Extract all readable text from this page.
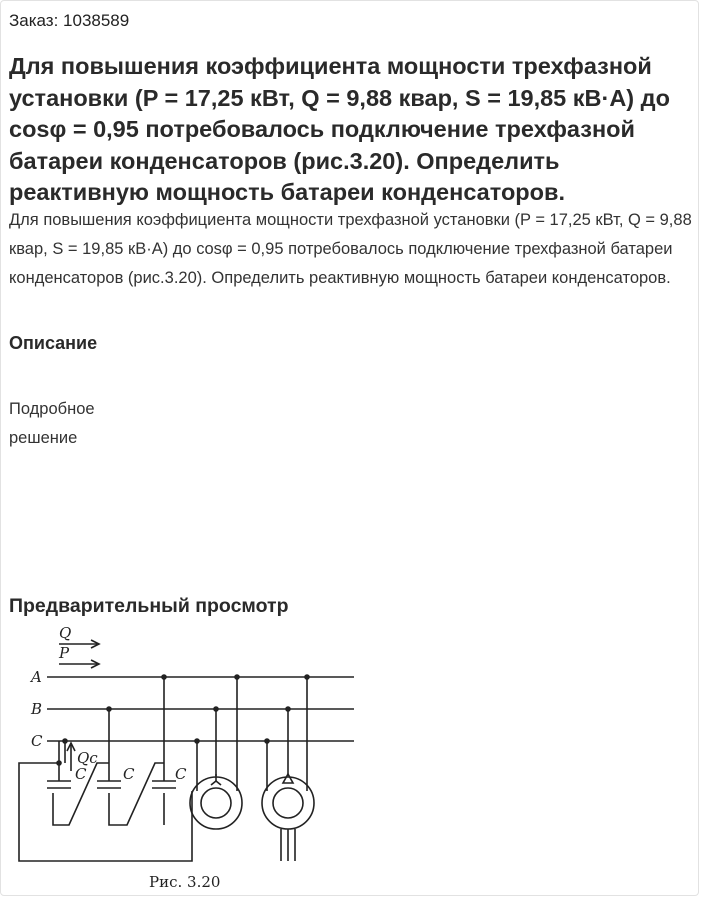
Заказ: 1038589
Для повышения коэффициента мощности трехфазной установки (P = 17,25 кВт, Q = 9,88 квар, S = 19,85 кВ·А) до cosφ = 0,95 потребовалось подключение трехфазной батареи конденсаторов (рис.3.20). Определить реактивную мощность батареи конденсаторов.

Для повышения коэффициента мощности трехфазной установки (P = 17,25 кВт, Q = 9,88 квар, S = 19,85 кВ·А) до cosφ = 0,95 потребовалось подключение трехфазной батареи конденсаторов (рис.3.20). Определить реактивную мощность батареи конденсаторов.

Описание

Подробное решение

Предварительный просмотр
Q
P
A
B
C
Qc
C C	C
Рис. 3.20
